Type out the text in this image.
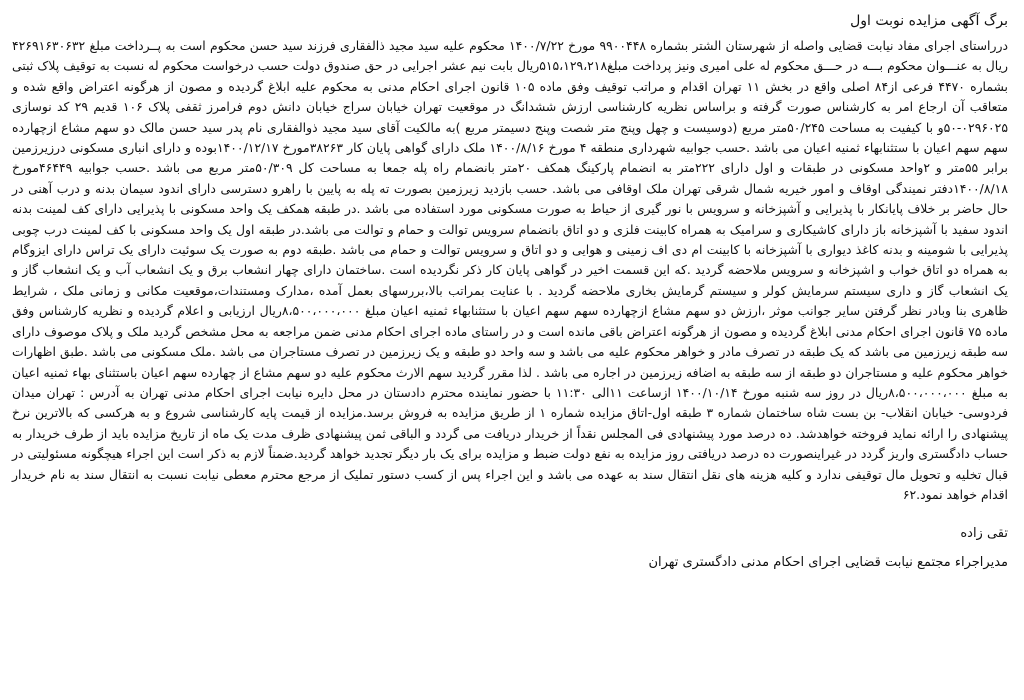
برگ آگهی مزایده نوبت اول

درراستای اجرای مفاد نیابت قضایی واصله از شهرستان الشتر بشماره ۹۹۰۰۴۴۸ مورخ ۱۴۰۰/۷/۲۲ محکوم علیه سید مجید ذالفقاری فرزند سید حسن محکوم است به پــرداخت مبلغ ۴۲۶۹۱۶۳۰۶۳۲ ریال به عنـــوان محکوم بـــه در حـــق محکوم له علی امیری ونیز پرداخت مبلغ۵۱۵،۱۲۹،۲۱۸ریال بابت نیم عشر اجرایی در حق صندوق دولت حسب درخواست محکوم له نسبت به توقیف پلاک ثبتی بشماره ۴۴۷۰ فرعی از۸۴ اصلی واقع در بخش ۱۱ تهران اقدام و مراتب توقیف وفق ماده ۱۰۵ قانون اجرای احکام مدنی به محکوم علیه ابلاغ گردیده و مصون از هرگونه اعتراض واقع شده و متعاقب آن ارجاع امر به کارشناس صورت گرفته و براساس نظریه کارشناسی ارزش ششدانگ در موقعیت تهران خیابان سراج خیابان دانش دوم فرامرز ثقفی پلاک ۱۰۶ قدیم ۲۹ کد نوسازی ۰۲۹۶۰۲۵-۵۰و با کیفیت به مساحت ۵۰/۲۴۵متر مربع (دوسیست و چهل وپنج متر شصت وپنج دسیمتر مربع )به مالکیت آقای سید مجید ذوالفقاری نام پدر سید حسن مالک دو سهم مشاع ازچهارده سهم سهم اعیان با ستثنابهاء ثمنیه اعیان می باشد .حسب جوابیه شهرداری منطقه ۴ مورخ ۱۴۰۰/۸/۱۶ ملک دارای گواهی پایان کار ۳۸۲۶۳مورخ ۱۴۰۰/۱۲/۱۷بوده و دارای انباری مسکونی درزیرزمین برابر ۵۵متر و ۲واحد مسکونی در طبقات و اول دارای ۲۲۲متر به انضمام پارکینگ همکف ۲۰متر بانضمام راه پله جمعا به مساحت کل ۵۰/۳۰۹متر مربع می باشد .حسب جوابیه ۴۶۴۴۹مورخ ۱۴۰۰/۸/۱۸دفتر نمیندگی اوقاف و امور خیریه شمال شرقی تهران ملک اوقافی می باشد. حسب بازدید زیرزمین بصورت ته پله به پایین با راهرو دسترسی دارای اندود سیمان بدنه و درب آهنی در حال حاضر بر خلاف پایانکار با پذیرایی و آشپزخانه و سرویس با نور گیری از حیاط به صورت مسکونی مورد استفاده می باشد .در طبقه همکف یک واحد مسکونی با پذیرایی دارای کف لمینت بدنه اندود سفید با آشپزخانه باز دارای کاشیکاری و سرامیک به همراه کابینت فلزی و دو اتاق بانضمام سرویس توالت و حمام و توالت می باشد.در طبقه اول یک واحد مسکونی با کف لمینت درب چوبی پذیرایی با شومینه و بدنه کاغذ دیواری با آشپزخانه با کابینت ام دی اف زمینی و هوایی و دو اتاق و سرویس توالت و حمام می باشد .طبقه دوم به صورت یک سوئیت دارای یک تراس دارای ایزوگام به همراه دو اتاق خواب و اشپزخانه و سرویس ملاحضه گردید .که این قسمت اخیر در گواهی پایان کار ذکر نگردیده است .ساختمان دارای چهار انشعاب برق و یک انشعاب آب و یک انشعاب گاز و یک انشعاب گاز و داری سیستم سرمایش کولر و سیستم گرمایش بخاری ملاحضه گردید . با عنایت بمراتب بالا،بررسهای بعمل آمده ،مدارک ومستندات،موقعیت مکانی و زمانی ملک ، شرایط ظاهری بنا وبادر نظر گرفتن سایر جوانب موثر ،ارزش دو سهم مشاع ازچهارده سهم سهم اعیان با ستثنابهاء ثمنیه اعیان مبلغ ۸،۵۰۰،۰۰۰،۰۰۰ریال ارزیابی و اعلام گردیده و نظریه کارشناس وفق ماده ۷۵ قانون اجرای احکام مدنی ابلاغ گردیده و مصون از هرگونه اعتراض باقی مانده است و در راستای ماده اجرای احکام مدنی ضمن مراجعه به محل مشخص گردید ملک و پلاک موصوف دارای سه طبقه زیرزمین می باشد که یک طبقه در تصرف مادر و خواهر محکوم علیه می باشد و سه واحد دو طبقه و یک زیرزمین در تصرف مستاجران می باشد .ملک مسکونی می باشد .طبق اظهارات خواهر محکوم علیه و مستاجران دو طبقه از سه طبقه به اضافه زیرزمین در اجاره می باشد . لذا مقرر گردید سهم الارث محکوم علیه دو سهم مشاع از چهارده سهم اعیان باستثنای بهاء ثمنیه اعیان به مبلغ ۸،۵۰۰،۰۰۰،۰۰۰ریال در روز سه شنبه مورخ ۱۴۰۰/۱۰/۱۴ ازساعت ۱۱الی ۱۱:۳۰ با حضور نماینده محترم دادستان در محل دایره نیابت اجرای احکام مدنی تهران به آدرس : تهران میدان فردوسی- خیابان انقلاب- بن بست شاه ساختمان شماره ۳ طبقه اول-اتاق مزایده شماره ۱ از طریق مزایده به فروش برسد.مزایده از قیمت پایه کارشناسی شروع و به هرکسی که بالاترین نرخ پیشنهادی را ارائه نماید فروخته خواهدشد. ده درصد مورد پیشنهادی فی المجلس نقداً از خریدار دریافت می گردد و الباقی ثمن پیشنهادی ظرف مدت یک ماه از تاریخ مزایده باید از طرف خریدار به حساب دادگستری واریز گردد در غیراینصورت ده درصد دریافتی روز مزایده به نفع دولت ضبط و مزایده برای یک بار دیگر تجدید خواهد گردید.ضمناً لازم به ذکر است این اجراء هیچگونه مسئولیتی در قبال تخلیه و تحویل مال توقیفی ندارد و کلیه هزینه های نقل انتقال سند به عهده می باشد و این اجراء پس از کسب دستور تملیک از مرجع محترم معطی نیابت نسبت به انتقال سند به نام خریدار اقدام خواهد نمود.۶۲

تقی زاده
مدیراجراء مجتمع نیابت قضایی اجرای احکام مدنی دادگستری تهران
